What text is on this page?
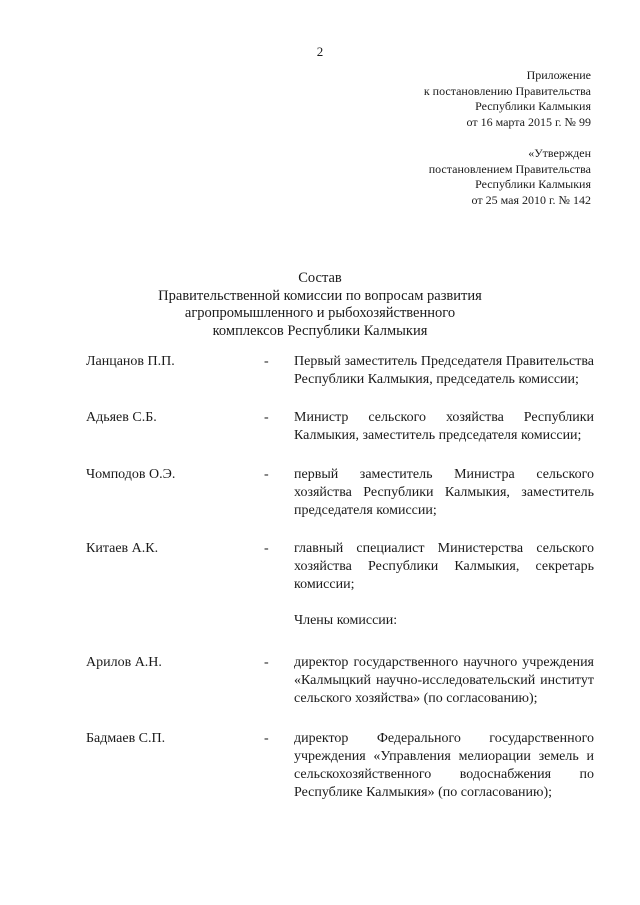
2
Приложение
к постановлению Правительства
Республики Калмыкия
от 16 марта 2015 г. № 99
«Утвержден
постановлением Правительства
Республики Калмыкия
от 25 мая 2010 г. № 142
Состав
Правительственной комиссии по вопросам развития
агропромышленного и рыбохозяйственного
комплексов Республики Калмыкия
Ланцанов П.П.	-	Первый заместитель Председателя Правительства Республики Калмыкия, председатель комиссии;
Адьяев С.Б.	-	Министр сельского хозяйства Республики Калмыкия, заместитель председателя комиссии;
Чомподов О.Э.	-	первый заместитель Министра сельского хозяйства Республики Калмыкия, заместитель председателя комиссии;
Китаев А.К.	-	главный специалист Министерства сельского хозяйства Республики Калмыкия, секретарь комиссии;
Члены комиссии:
Арилов А.Н.	-	директор государственного научного учреждения «Калмыцкий научно-исследовательский институт сельского хозяйства» (по согласованию);
Бадмаев С.П.	-	директор Федерального государственного учреждения «Управления мелиорации земель и сельскохозяйственного водоснабжения по Республике Калмыкия» (по согласованию);
